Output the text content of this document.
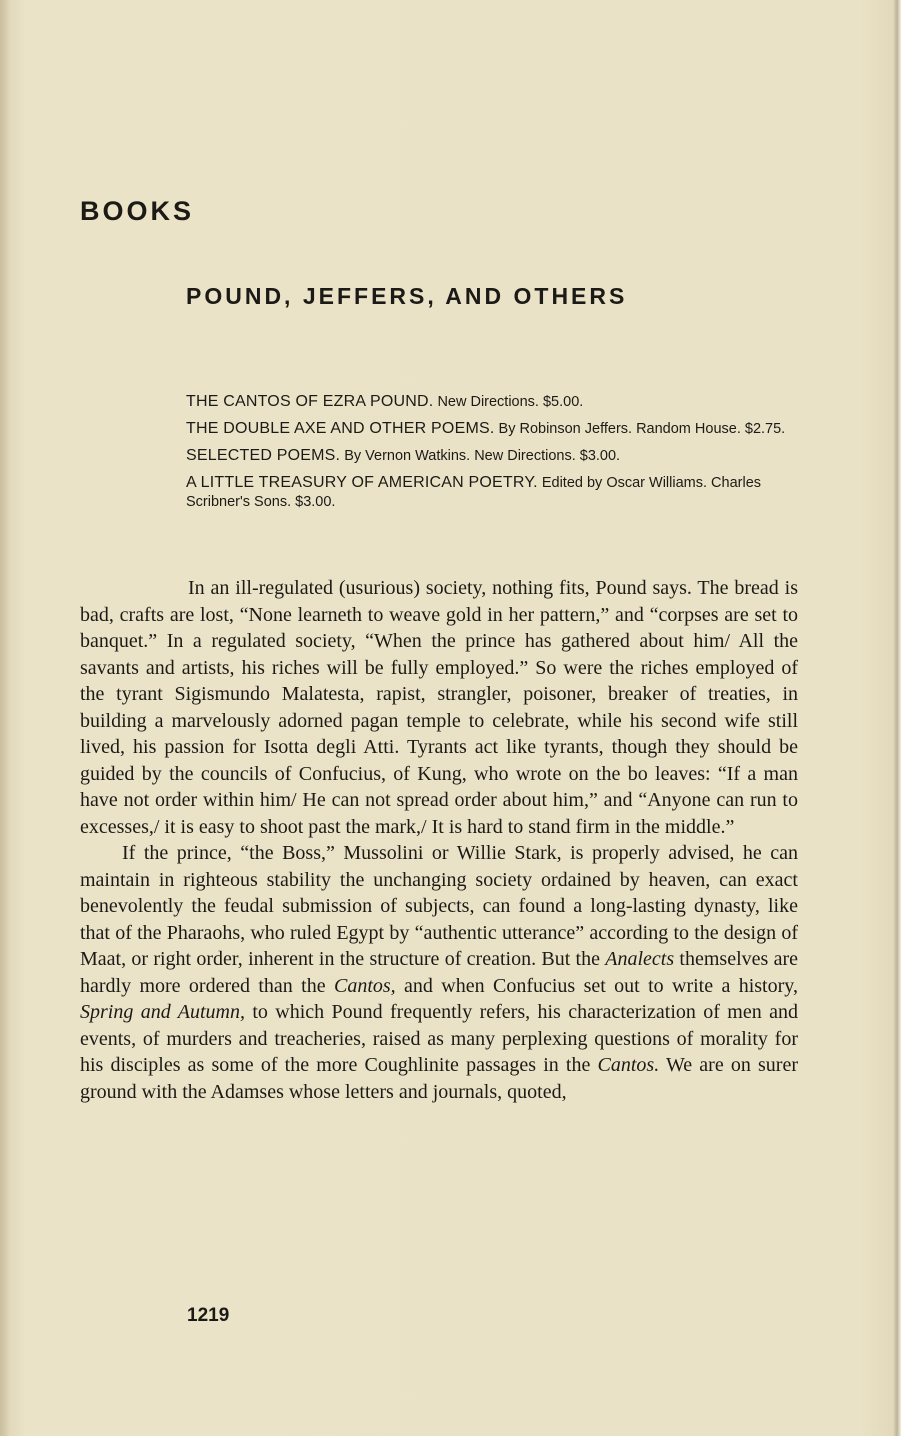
BOOKS
POUND, JEFFERS, AND OTHERS
THE CANTOS OF EZRA POUND. New Directions. $5.00.
THE DOUBLE AXE AND OTHER POEMS. By Robinson Jeffers. Random House. $2.75.
SELECTED POEMS. By Vernon Watkins. New Directions. $3.00.
A LITTLE TREASURY OF AMERICAN POETRY. Edited by Oscar Williams. Charles Scribner's Sons. $3.00.

In an ill-regulated (usurious) society, nothing fits, Pound says. The bread is bad, crafts are lost, “None learneth to weave gold in her pattern,” and “corpses are set to banquet.” In a regulated society, “When the prince has gathered about him/ All the savants and artists, his riches will be fully employed.” So were the riches employed of the tyrant Sigismundo Malatesta, rapist, strangler, poisoner, breaker of treaties, in building a marvelously adorned pagan temple to celebrate, while his second wife still lived, his passion for Isotta degli Atti. Tyrants act like tyrants, though they should be guided by the councils of Confucius, of Kung, who wrote on the bo leaves: “If a man have not order within him/ He can not spread order about him,” and “Anyone can run to excesses,/ it is easy to shoot past the mark,/ It is hard to stand firm in the middle.”

If the prince, “the Boss,” Mussolini or Willie Stark, is properly advised, he can maintain in righteous stability the unchanging society ordained by heaven, can exact benevolently the feudal submission of subjects, can found a long-lasting dynasty, like that of the Pharaohs, who ruled Egypt by “authentic utterance” according to the design of Maat, or right order, inherent in the structure of creation. But the Analects themselves are hardly more ordered than the Cantos, and when Confucius set out to write a history, Spring and Autumn, to which Pound frequently refers, his characterization of men and events, of murders and treacheries, raised as many perplexing questions of morality for his disciples as some of the more Coughlinite passages in the Cantos. We are on surer ground with the Adamses whose letters and journals, quoted,

1219
